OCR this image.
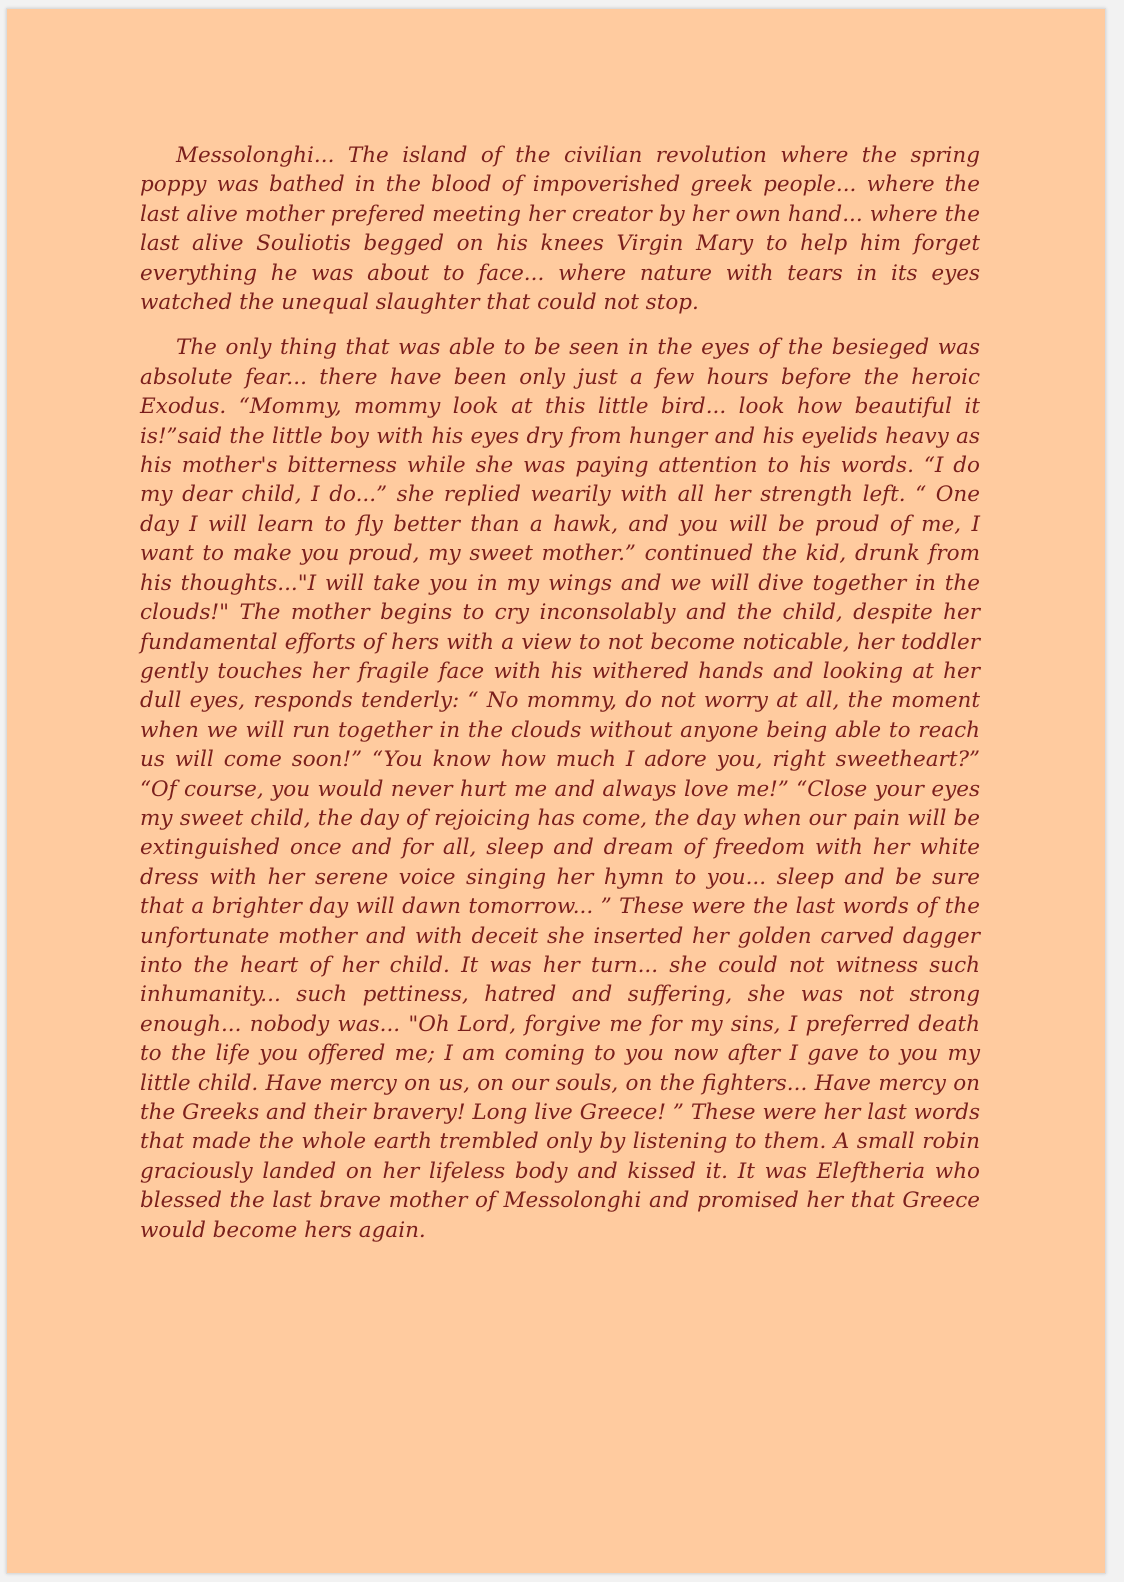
Messolonghi... The island of the civilian revolution where the spring poppy was bathed in the blood of impoverished greek people... where the last alive mother prefered meeting her creator by her own hand... where the last alive Souliotis begged on his knees Virgin Mary to help him forget everything he was about to face... where nature with tears in its eyes watched the unequal slaughter that could not stop.

The only thing that was able to be seen in the eyes of the besieged was absolute fear... there have been only just a few hours before the heroic Exodus. “Mommy, mommy look at this little bird... look how beautiful it is!”said the little boy with his eyes dry from hunger and his eyelids heavy as his mother's bitterness while she was paying attention to his words. “I do my dear child, I do...” she replied wearily with all her strength left. “ One day I will learn to fly better than a hawk, and you will be proud of me, I want to make you proud, my sweet mother.” continued the kid, drunk from his thoughts..."I will take you in my wings and we will dive together in the clouds!" The mother begins to cry inconsolably and the child, despite her fundamental efforts of hers with a view to not become noticable, her toddler gently touches her fragile face with his withered hands and looking at her dull eyes, responds tenderly: “ No mommy, do not worry at all, the moment when we will run together in the clouds without anyone being able to reach us will come soon!” “You know how much I adore you, right sweetheart?” “Of course, you would never hurt me and always love me!” “Close your eyes my sweet child, the day of rejoicing has come, the day when our pain will be extinguished once and for all, sleep and dream of freedom with her white dress with her serene voice singing her hymn to you... sleep and be sure that a brighter day will dawn tomorrow... ” These were the last words of the unfortunate mother and with deceit she inserted her golden carved dagger into the heart of her child. It was her turn... she could not witness such inhumanity... such pettiness, hatred and suffering, she was not strong enough... nobody was... "Oh Lord, forgive me for my sins, I preferred death to the life you offered me; I am coming to you now after I gave to you my little child. Have mercy on us, on our souls, on the fighters... Have mercy on the Greeks and their bravery! Long live Greece! ” These were her last words that made the whole earth trembled only by listening to them. A small robin graciously landed on her lifeless body and kissed it. It was Eleftheria who blessed the last brave mother of Messolonghi and promised her that Greece would become hers again.
